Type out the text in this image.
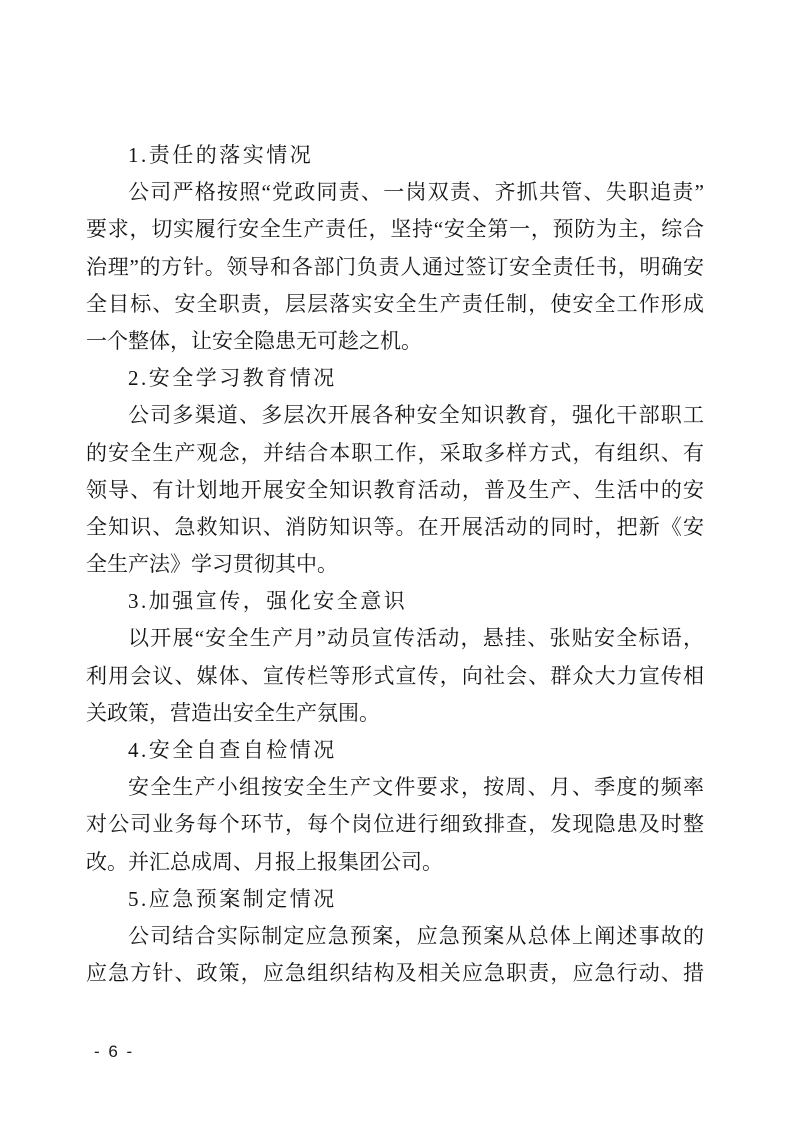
1.责任的落实情况
公司严格按照“党政同责、一岗双责、齐抓共管、失职追责”
要求，切实履行安全生产责任，坚持“安全第一，预防为主，综合
治理”的方针。领导和各部门负责人通过签订安全责任书，明确安
全目标、安全职责，层层落实安全生产责任制，使安全工作形成
一个整体，让安全隐患无可趁之机。
2.安全学习教育情况
公司多渠道、多层次开展各种安全知识教育，强化干部职工
的安全生产观念，并结合本职工作，采取多样方式，有组织、有
领导、有计划地开展安全知识教育活动，普及生产、生活中的安
全知识、急救知识、消防知识等。在开展活动的同时，把新《安
全生产法》学习贯彻其中。
3.加强宣传，强化安全意识
以开展“安全生产月”动员宣传活动，悬挂、张贴安全标语，
利用会议、媒体、宣传栏等形式宣传，向社会、群众大力宣传相
关政策，营造出安全生产氛围。
4.安全自查自检情况
安全生产小组按安全生产文件要求，按周、月、季度的频率
对公司业务每个环节，每个岗位进行细致排查，发现隐患及时整
改。并汇总成周、月报上报集团公司。
5.应急预案制定情况
公司结合实际制定应急预案，应急预案从总体上阐述事故的
应急方针、政策，应急组织结构及相关应急职责，应急行动、措
- 6 -
